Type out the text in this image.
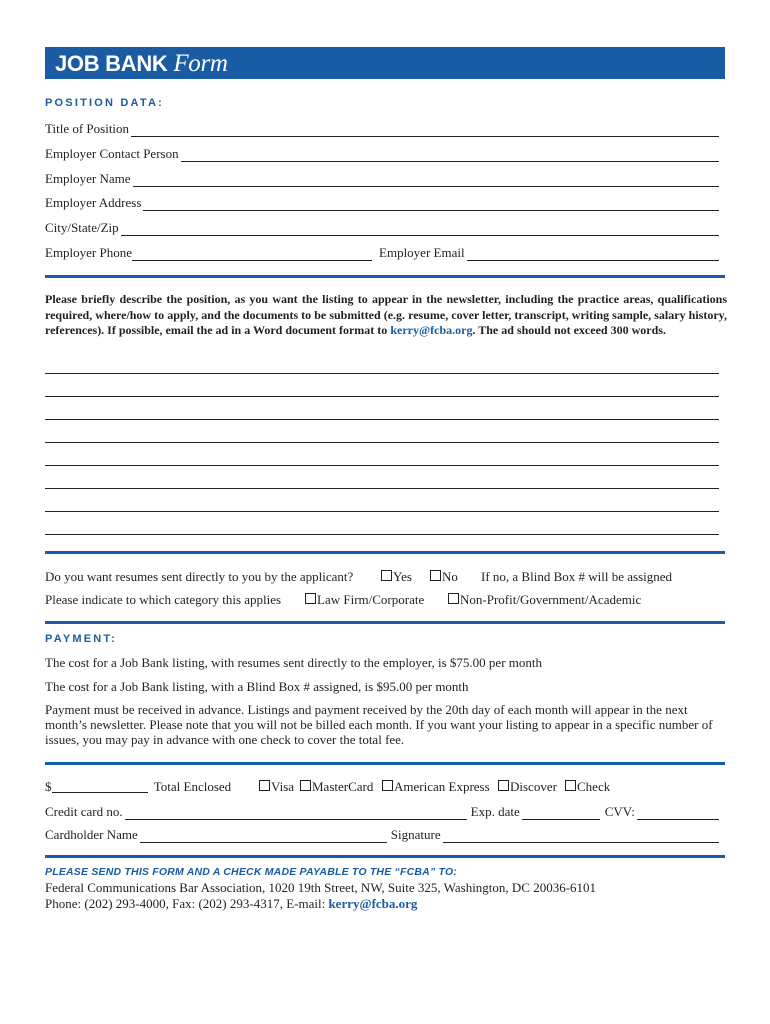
JOB BANK Form
POSITION DATA:
Title of Position
Employer Contact Person
Employer Name
Employer Address
City/State/Zip
Employer Phone	Employer Email
Please briefly describe the position, as you want the listing to appear in the newsletter, including the practice areas, qualifications required, where/how to apply, and the documents to be submitted (e.g. resume, cover letter, transcript, writing sample, salary history, references). If possible, email the ad in a Word document format to kerry@fcba.org. The ad should not exceed 300 words.
Do you want resumes sent directly to you by the applicant?	Yes	No If no, a Blind Box # will be assigned
Please indicate to which category this applies	Law Firm/Corporate	Non-Profit/Government/Academic
PAYMENT:
The cost for a Job Bank listing, with resumes sent directly to the employer, is $75.00 per month
The cost for a Job Bank listing, with a Blind Box # assigned, is $95.00 per month
Payment must be received in advance. Listings and payment received by the 20th day of each month will appear in the next month’s newsletter. Please note that you will not be billed each month. If you want your listing to appear in a specific number of issues, you may pay in advance with one check to cover the total fee.
$	Total Enclosed	Visa	MasterCard	American Express	Discover	Check
Credit card no.	Exp. date	CVV:
Cardholder Name	Signature
PLEASE SEND THIS FORM AND A CHECK MADE PAYABLE TO THE “FCBA” TO:
Federal Communications Bar Association, 1020 19th Street, NW, Suite 325, Washington, DC 20036-6101
Phone: (202) 293-4000, Fax: (202) 293-4317, E-mail: kerry@fcba.org
